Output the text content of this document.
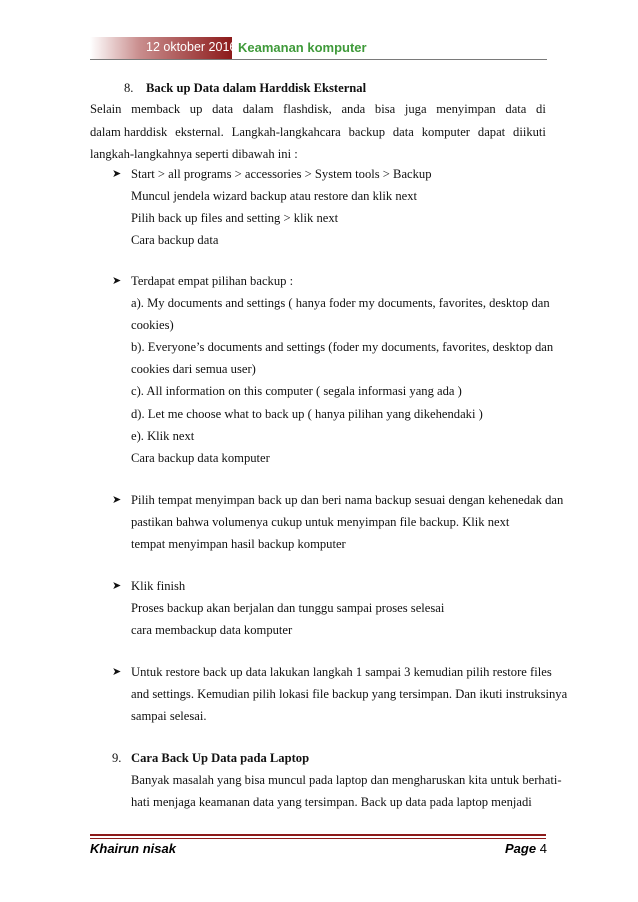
12 oktober 2016 Keamanan komputer
8. Back up Data dalam Harddisk Eksternal
Selain memback up data dalam flashdisk, anda bisa juga menyimpan data di
dalam harddisk eksternal. Langkah-langkahcara backup data komputer dapat diikuti
langkah-langkahnya seperti dibawah ini :
➤ Start > all programs > accessories > System tools > Backup
Muncul jendela wizard backup atau restore dan klik next
Pilih back up files and setting > klik next
Cara backup data
➤ Terdapat empat pilihan backup :
a). My documents and settings ( hanya foder my documents, favorites, desktop dan
cookies)
b). Everyone’s documents and settings (foder my documents, favorites, desktop dan
cookies dari semua user)
c). All information on this computer ( segala informasi yang ada )
d). Let me choose what to back up ( hanya pilihan yang dikehendaki )
e). Klik next
Cara backup data komputer
➤ Pilih tempat menyimpan back up dan beri nama backup sesuai dengan kehenedak dan
pastikan bahwa volumenya cukup untuk menyimpan file backup. Klik next
tempat menyimpan hasil backup komputer
➤ Klik finish
Proses backup akan berjalan dan tunggu sampai proses selesai
cara membackup data komputer
➤ Untuk restore back up data lakukan langkah 1 sampai 3 kemudian pilih restore files
and settings. Kemudian pilih lokasi file backup yang tersimpan. Dan ikuti instruksinya
sampai selesai.
9. Cara Back Up Data pada Laptop
Banyak masalah yang bisa muncul pada laptop dan mengharuskan kita untuk berhati-
hati menjaga keamanan data yang tersimpan. Back up data pada laptop menjadi
Khairun nisak	Page 4
